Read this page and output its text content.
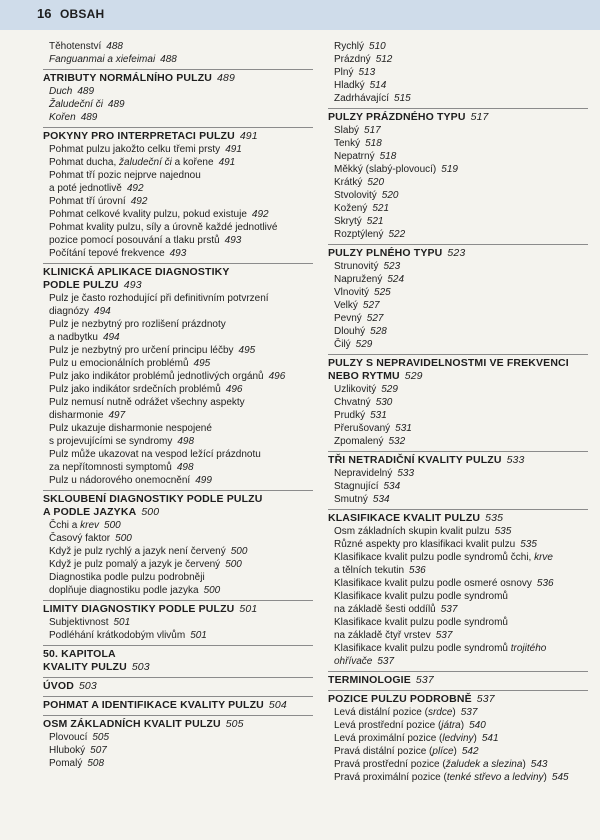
16 OBSAH
Těhotenství 488
Fanguanmai a xiefeimai 488
ATRIBUTY NORMÁLNÍHO PULZU 489
Duch 489
Žaludeční či 489
Kořen 489
POKYNY PRO INTERPRETACI PULZU 491
Pohmat pulzu jakožto celku třemi prsty 491
Pohmat ducha, žaludeční či a kořene 491
Pohmat tří pozic nejprve najednou
a poté jednotlivě 492
Pohmat tří úrovní 492
Pohmat celkové kvality pulzu, pokud existuje 492
Pohmat kvality pulzu, síly a úrovně každé jednotlivé
pozice pomocí posouvání a tlaku prstů 493
Počítání tepové frekvence 493
KLINICKÁ APLIKACE DIAGNOSTIKY
PODLE PULZU 493
Pulz je často rozhodující při definitivním potvrzení
diagnózy 494
Pulz je nezbytný pro rozlišení prázdnoty
a nadbytku 494
Pulz je nezbytný pro určení principu léčby 495
Pulz u emocionálních problémů 495
Pulz jako indikátor problémů jednotlivých orgánů 496
Pulz jako indikátor srdečních problémů 496
Pulz nemusí nutně odrážet všechny aspekty
disharmonie 497
Pulz ukazuje disharmonie nespojené
s projevujícími se syndromy 498
Pulz může ukazovat na vespod ležící prázdnotu
za nepřítomnosti symptomů 498
Pulz u nádorového onemocnění 499
SKLOUBENÍ DIAGNOSTIKY PODLE PULZU
A PODLE JAZYKA 500
Čchi a krev 500
Časový faktor 500
Když je pulz rychlý a jazyk není červený 500
Když je pulz pomalý a jazyk je červený 500
Diagnostika podle pulzu podrobněji
doplňuje diagnostiku podle jazyka 500
LIMITY DIAGNOSTIKY PODLE PULZU 501
Subjektivnost 501
Podléhání krátkodobým vlivům 501
50. KAPITOLA
KVALITY PULZU 503
ÚVOD 503
POHMAT A IDENTIFIKACE KVALITY PULZU 504
OSM ZÁKLADNÍCH KVALIT PULZU 505
Plovoucí 505
Hluboký 507
Pomalý 508
Rychlý 510
Prázdný 512
Plný 513
Hladký 514
Zadrhávající 515
PULZY PRÁZDNÉHO TYPU 517
Slabý 517
Tenký 518
Nepatrný 518
Měkký (slabý-plovoucí) 519
Krátký 520
Stvolovitý 520
Kožený 521
Skrytý 521
Rozptýlený 522
PULZY PLNÉHO TYPU 523
Strunovitý 523
Napružený 524
Vlnovitý 525
Velký 527
Pevný 527
Dlouhý 528
Čilý 529
PULZY S NEPRAVIDELNOSTMI VE FREKVENCI
NEBO RYTMU 529
Uzlikovitý 529
Chvatný 530
Prudký 531
Přerušovaný 531
Zpomalený 532
TŘI NETRADIČNÍ KVALITY PULZU 533
Nepravidelný 533
Stagnující 534
Smutný 534
KLASIFIKACE KVALIT PULZU 535
Osm základních skupin kvalit pulzu 535
Různé aspekty pro klasifikaci kvalit pulzu 535
Klasifikace kvalit pulzu podle syndromů čchi, krve
a tělních tekutin 536
Klasifikace kvalit pulzu podle osmeré osnovy 536
Klasifikace kvalit pulzu podle syndromů
na základě šesti oddílů 537
Klasifikace kvalit pulzu podle syndromů
na základě čtyř vrstev 537
Klasifikace kvalit pulzu podle syndromů trojitého
ohřívače 537
TERMINOLOGIE 537
POZICE PULZU PODROBNĚ 537
Levá distální pozice (srdce) 537
Levá prostřední pozice (játra) 540
Levá proximální pozice (ledviny) 541
Pravá distální pozice (plíce) 542
Pravá prostřední pozice (žaludek a slezina) 543
Pravá proximální pozice (tenké střevo a ledviny) 545
